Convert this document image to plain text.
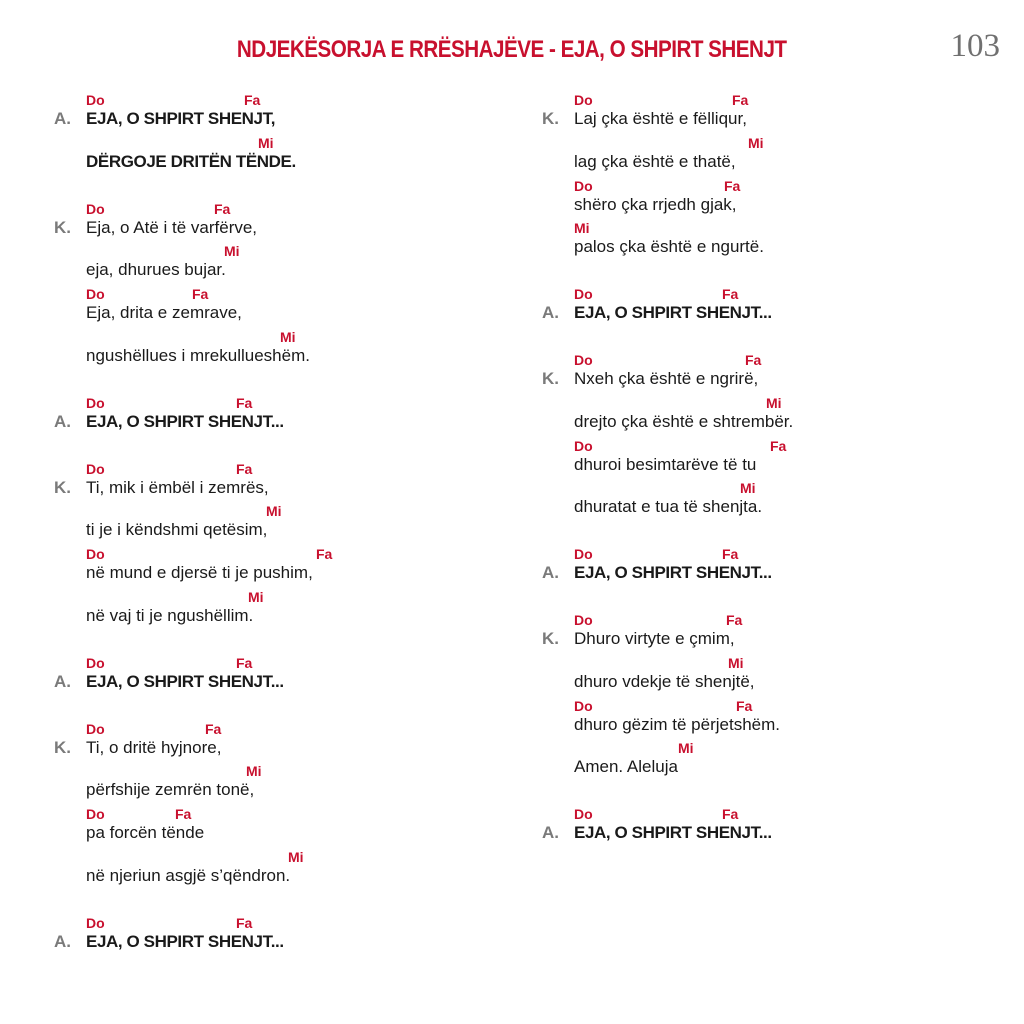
NDJEKËSORJA E RRËSHAJËVE - EJA, O SHPIRT SHENJT	103
Do	Fa
A. EJA, O SHPIRT SHENJT,
Mi
DËRGOJE DRITËN TËNDE.
Do	Fa
K. Eja, o Atë i të varfërve,
Mi
eja, dhurues bujar.
Do	Fa
Eja, drita e zemrave,
Mi
ngushëllues i mrekullueshëm.
Do	Fa
A. EJA, O SHPIRT SHENJT...
Do	Fa
K. Ti, mik i ëmbël i zemrës,
Mi
ti je i këndshmi qetësim,
Do	Fa
në mund e djersë ti je pushim,
Mi
në vaj ti je ngushëllim.
Do	Fa
A. EJA, O SHPIRT SHENJT...
Do	Fa
K. Ti, o dritë hyjnore,
Mi
përfshije zemrën tonë,
Do	Fa
pa forcën tënde
Mi
në njeriun asgjë s’qëndron.
Do	Fa
A. EJA, O SHPIRT SHENJT...
Do	Fa
K. Laj çka është e fëlliqur,
Mi
lag çka është e thatë,
Do	Fa
shëro çka rrjedh gjak,
Mi
palos çka është e ngurtë.
Do	Fa
A. EJA, O SHPIRT SHENJT...
Do	Fa
K. Nxeh çka është e ngrirë,
Mi
drejto çka është e shtrembër.
Do	Fa
dhuroi besimtarëve të tu
Mi
dhuratat e tua të shenjta.
Do	Fa
A. EJA, O SHPIRT SHENJT...
Do	Fa
K. Dhuro virtyte e çmim,
Mi
dhuro vdekje të shenjtë,
Do	Fa
dhuro gëzim të përjetshëm.
Mi
Amen. Aleluja
Do	Fa
A. EJA, O SHPIRT SHENJT...
